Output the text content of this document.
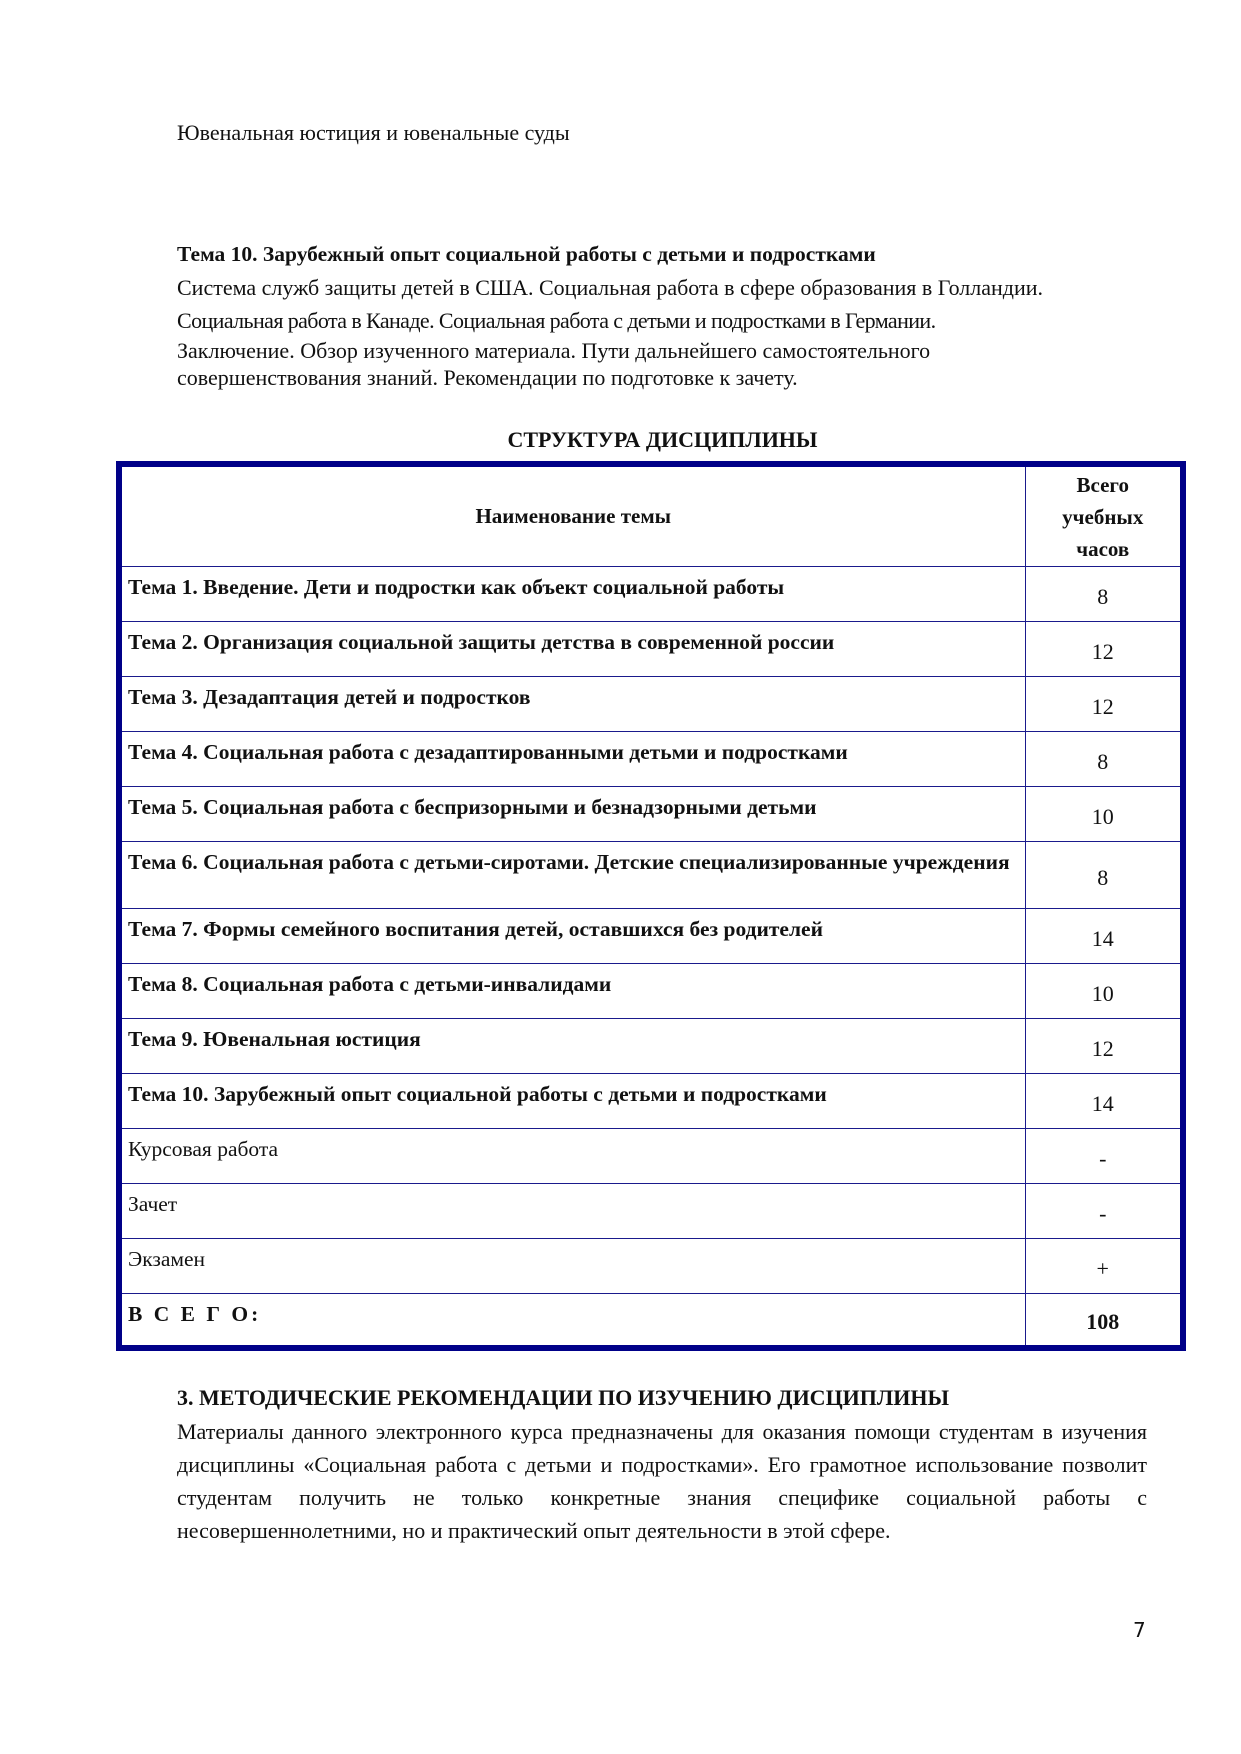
Ювенальная юстиция и ювенальные суды
Тема 10. Зарубежный опыт социальной работы с детьми и подростками

Система служб защиты детей в США. Социальная работа в сфере образования в Голландии.

Социальная работа в Канаде. Социальная работа с детьми и подростками в Германии.

Заключение. Обзор изученного материала. Пути дальнейшего самостоятельного

совершенствования знаний. Рекомендации по подготовке к зачету.

СТРУКТУРА ДИСЦИПЛИНЫ
Наименование темы	Всего
учебных
часов

Тема 1. Введение. Дети и подростки как объект социальной работы	8
Тема 2. Организация социальной защиты детства в современной россии	12
Тема 3. Дезадаптация детей и подростков	12
Тема 4. Социальная работа с дезадаптированными детьми и подростками	8
Тема 5. Социальная работа с беспризорными и безнадзорными детьми	10
Тема 6. Социальная работа с детьми-сиротами. Детские специализированные учреждения	8
Тема 7. Формы семейного воспитания детей, оставшихся без родителей	14
Тема 8. Социальная работа с детьми-инвалидами	10
Тема 9. Ювенальная юстиция	12
Тема 10. Зарубежный опыт социальной работы с детьми и подростками	14
Курсовая работа	-
Зачет	-
Экзамен	+
В С Е Г О:	108
3. МЕТОДИЧЕСКИЕ РЕКОМЕНДАЦИИ ПО ИЗУЧЕНИЮ ДИСЦИПЛИНЫ

Материалы данного электронного курса предназначены для оказания помощи студентам в изучения дисциплины «Социальная работа с детьми и подростками». Его грамотное использование позволит студентам получить не только конкретные знания специфике социальной работы с несовершеннолетними, но и практический опыт деятельности в этой сфере.

7
